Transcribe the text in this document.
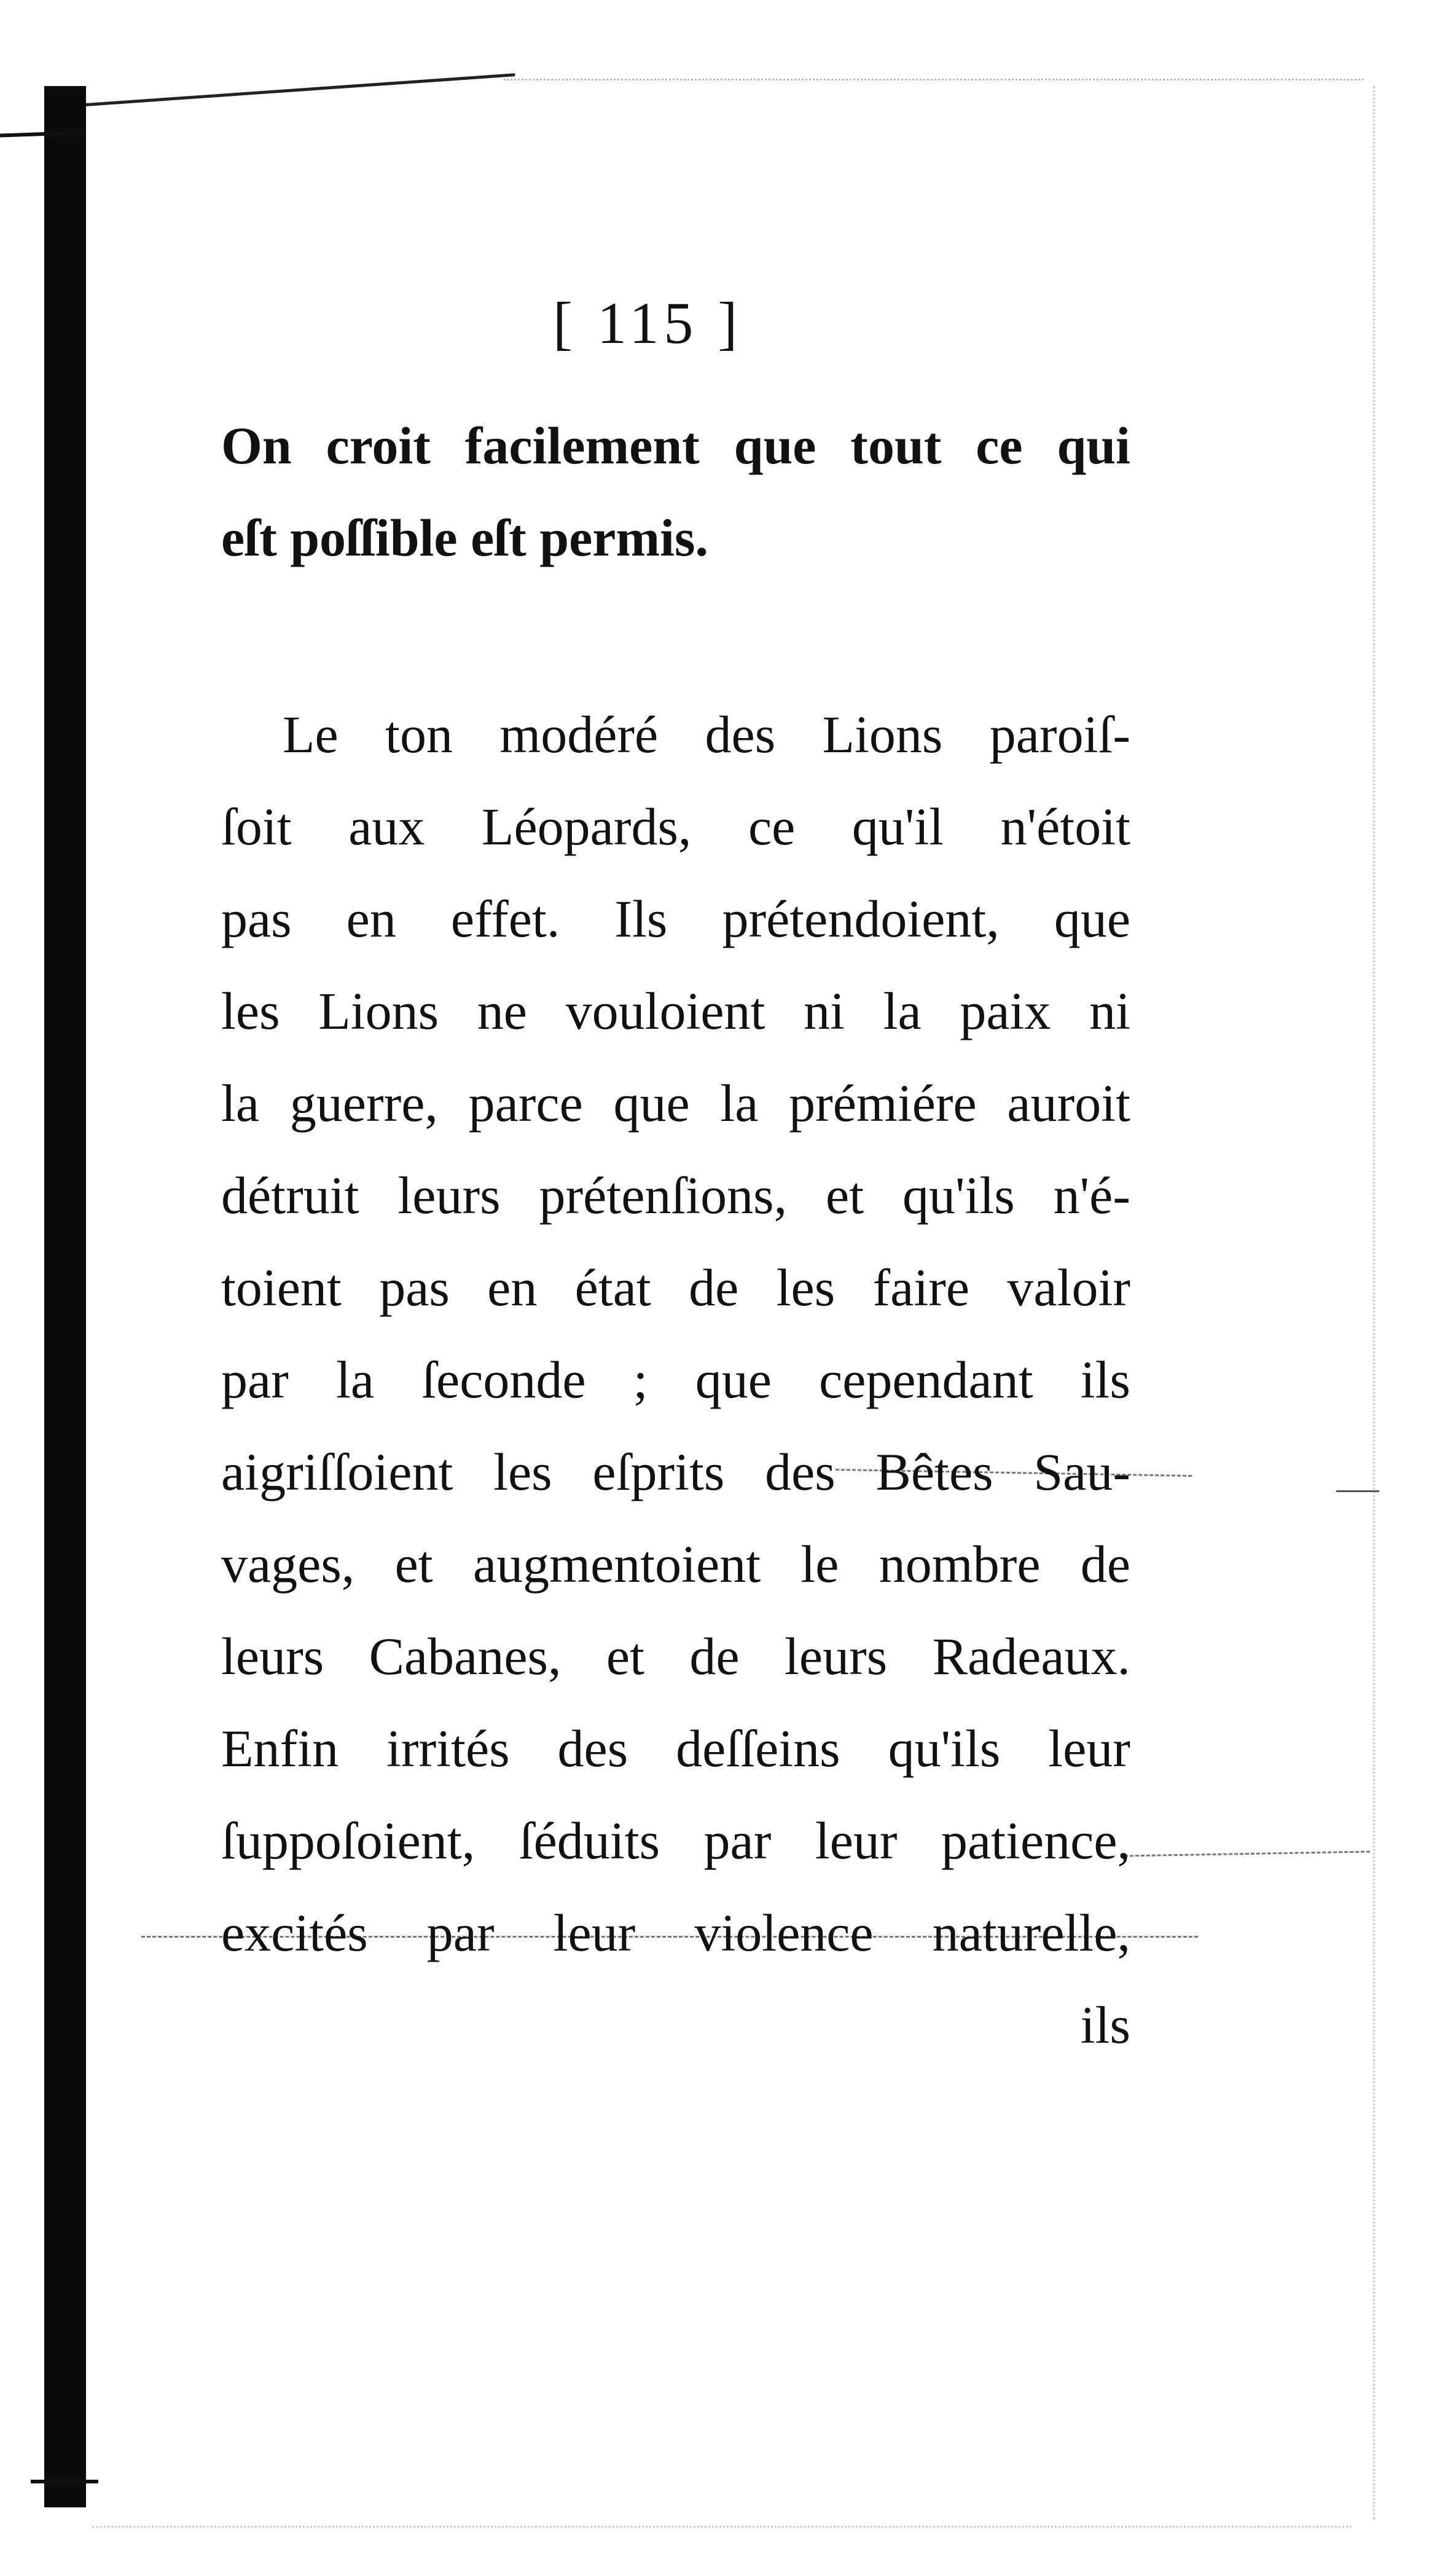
[ 115 ]
On croit facilement que tout ce qui
eſt poſſible eſt permis.
Le ton modéré des Lions paroiſ-
ſoit aux Léopards, ce qu'il n'étoit
pas en effet. Ils prétendoient, que
les Lions ne vouloient ni la paix ni
la guerre, parce que la prémiére auroit
détruit leurs prétenſions, et qu'ils n'é-
toient pas en état de les faire valoir
par la ſeconde ; que cependant ils
aigriſſoient les eſprits des Bêtes Sau-
vages, et augmentoient le nombre de
leurs Cabanes, et de leurs Radeaux.
Enfin irrités des deſſeins qu'ils leur
ſuppoſoient, ſéduits par leur patience,
excités par leur violence naturelle,
ils
